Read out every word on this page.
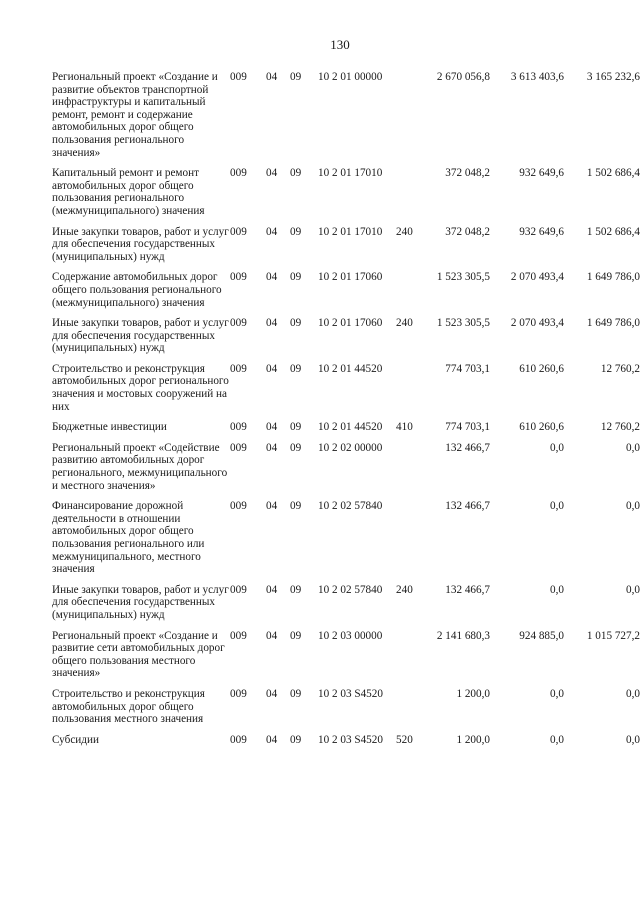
130
Региональный проект «Создание и развитие объектов транспортной инфраструктуры и капитальный ремонт, ремонт и содержание автомобильных дорог общего пользования регионального значения»	009	04	09	10 2 01 00000		2 670 056,8	3 613 403,6	3 165 232,6
Капитальный ремонт и ремонт автомобильных дорог общего пользования регионального (межмуниципального) значения	009	04	09	10 2 01 17010		372 048,2	932 649,6	1 502 686,4
Иные закупки товаров, работ и услуг для обеспечения государственных (муниципальных) нужд	009	04	09	10 2 01 17010	240	372 048,2	932 649,6	1 502 686,4
Содержание автомобильных дорог общего пользования регионального (межмуниципального) значения	009	04	09	10 2 01 17060		1 523 305,5	2 070 493,4	1 649 786,0
Иные закупки товаров, работ и услуг для обеспечения государственных (муниципальных) нужд	009	04	09	10 2 01 17060	240	1 523 305,5	2 070 493,4	1 649 786,0
Строительство и реконструкция автомобильных дорог регионального значения и мостовых сооружений на них	009	04	09	10 2 01 44520		774 703,1	610 260,6	12 760,2
Бюджетные инвестиции	009	04	09	10 2 01 44520	410	774 703,1	610 260,6	12 760,2
Региональный проект «Содействие развитию автомобильных дорог регионального, межмуниципального и местного значения»	009	04	09	10 2 02 00000		132 466,7	0,0	0,0
Финансирование дорожной деятельности в отношении автомобильных дорог общего пользования регионального или межмуниципального, местного значения	009	04	09	10 2 02 57840		132 466,7	0,0	0,0
Иные закупки товаров, работ и услуг для обеспечения государственных (муниципальных) нужд	009	04	09	10 2 02 57840	240	132 466,7	0,0	0,0
Региональный проект «Создание и развитие сети автомобильных дорог общего пользования местного значения»	009	04	09	10 2 03 00000		2 141 680,3	924 885,0	1 015 727,2
Строительство и реконструкция автомобильных дорог общего пользования местного значения	009	04	09	10 2 03 S4520		1 200,0	0,0	0,0
Субсидии	009	04	09	10 2 03 S4520	520	1 200,0	0,0	0,0
